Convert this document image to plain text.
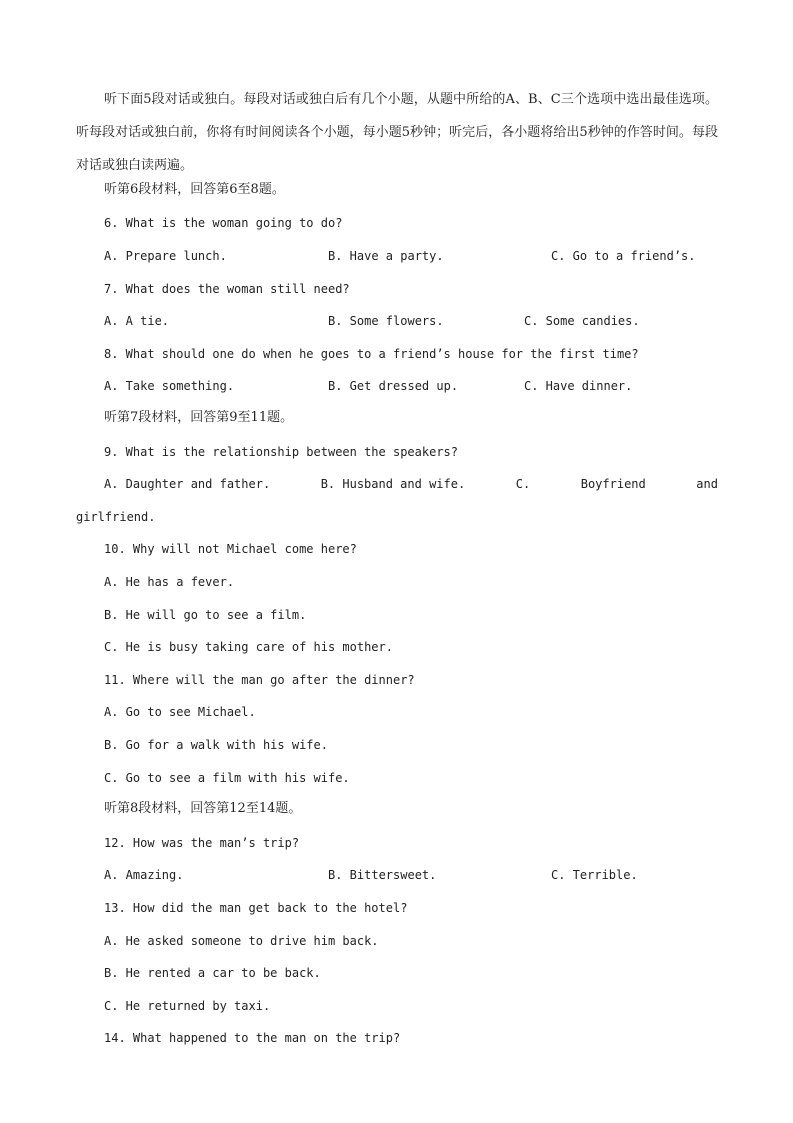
听下面5段对话或独白。每段对话或独白后有几个小题，从题中所给的A、B、C三个选项中选出最佳选项。听每段对话或独白前，你将有时间阅读各个小题，每小题5秒钟；听完后，各小题将给出5秒钟的作答时间。每段对话或独白读两遍。

听第6段材料，回答第6至8题。
6. What is the woman going to do?
A. Prepare lunch.	B. Have a party.	C. Go to a friend’s.
7. What does the woman still need?
A. A tie.	B. Some flowers.	C. Some candies.
8. What should one do when he goes to a friend’s house for the first time?
A. Take something.	B. Get dressed up.	C. Have dinner.
听第7段材料，回答第9至11题。
9. What is the relationship between the speakers?
A. Daughter and father.	B. Husband and wife.	C.	Boyfriend	and
girlfriend.
10. Why will not Michael come here?
A. He has a fever.
B. He will go to see a film.
C. He is busy taking care of his mother.
11. Where will the man go after the dinner?
A. Go to see Michael.
B. Go for a walk with his wife.
C. Go to see a film with his wife.
听第8段材料，回答第12至14题。
12. How was the man’s trip?
A. Amazing.	B. Bittersweet.	C. Terrible.
13. How did the man get back to the hotel?
A. He asked someone to drive him back.
B. He rented a car to be back.
C. He returned by taxi.
14. What happened to the man on the trip?
